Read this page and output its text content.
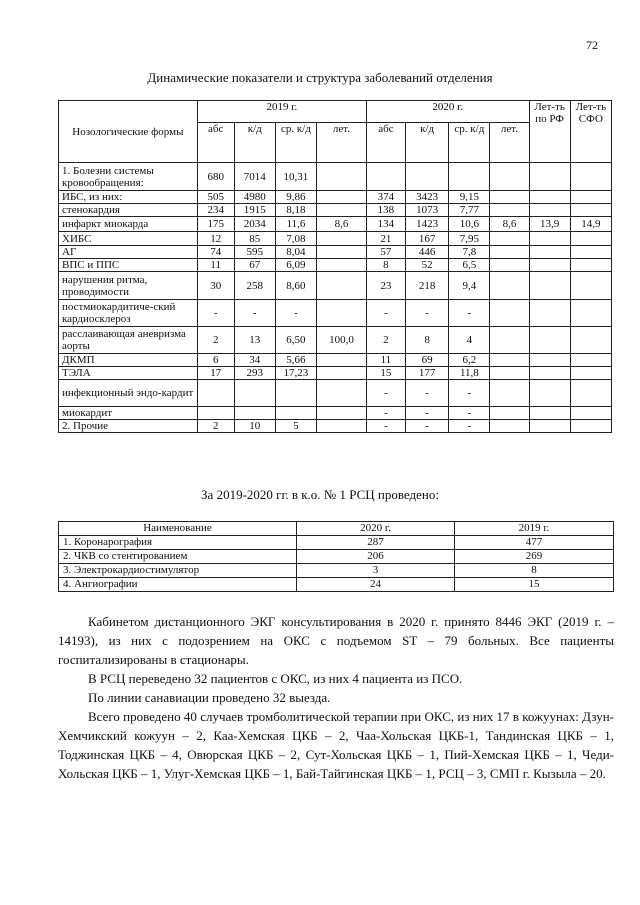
72
Динамические показатели и структура заболеваний отделения
Нозологические формы	2019 г.				2020 г.				Лет-ть по РФ	Лет-ть СФО
	абс	к/д	ср. к/д	лет.	абс	к/д	ср. к/д	лет.		
1. Болезни системы кровообращения:	680	7014	10,31							
ИБС, из них:	505	4980	9,86		374	3423	9,15			
стенокардия	234	1915	8,18		138	1073	7,77			
инфаркт миокарда	175	2034	11,6	8,6	134	1423	10,6	8,6	13,9	14,9
ХИБС	12	85	7,08		21	167	7,95			
АГ	74	595	8,04		57	446	7,8			
ВПС и ППС	11	67	6,09		8	52	6,5			
нарушения ритма, проводимости	30	258	8,60		23	218	9,4			
постмиокардитиче-ский кардиосклероз	-	-	-		-	-	-			
расслаивающая аневризма аорты	2	13	6,50	100,0	2	8	4			
ДКМП	6	34	5,66		11	69	6,2			
ТЭЛА	17	293	17,23		15	177	11,8			
инфекционный эндо-кардит					-	-	-			
миокардит					-	-	-			
2. Прочие	2	10	5		-	-	-			
За 2019-2020 гг. в к.о. № 1 РСЦ проведено:
Наименование	2020 г.	2019 г.
1. Коронарография	287	477
2. ЧКВ со стентированием	206	269
3. Электрокардиостимулятор	3	8
4. Ангиографии	24	15

Кабинетом дистанционного ЭКГ консультирования в 2020 г. принято 8446 ЭКГ (2019 г. – 14193), из них с подозрением на ОКС с подъемом ST – 79 больных. Все пациенты госпитализированы в стационары.

В РСЦ переведено 32 пациентов с ОКС, из них 4 пациента из ПСО.

По линии санавиации проведено 32 выезда.

Всего проведено 40 случаев тромболитической терапии при ОКС, из них 17 в кожуунах: Дзун-Хемчикский кожуун – 2, Каа-Хемская ЦКБ – 2, Чаа-Хольская ЦКБ-1, Тандинская ЦКБ – 1, Тоджинская ЦКБ – 4, Овюрская ЦКБ – 2, Сут-Хольская ЦКБ – 1, Пий-Хемская ЦКБ – 1, Чеди-Хольская ЦКБ – 1, Улуг-Хемская ЦКБ – 1, Бай-Тайгинская ЦКБ – 1, РСЦ – 3, СМП г. Кызыла – 20.
